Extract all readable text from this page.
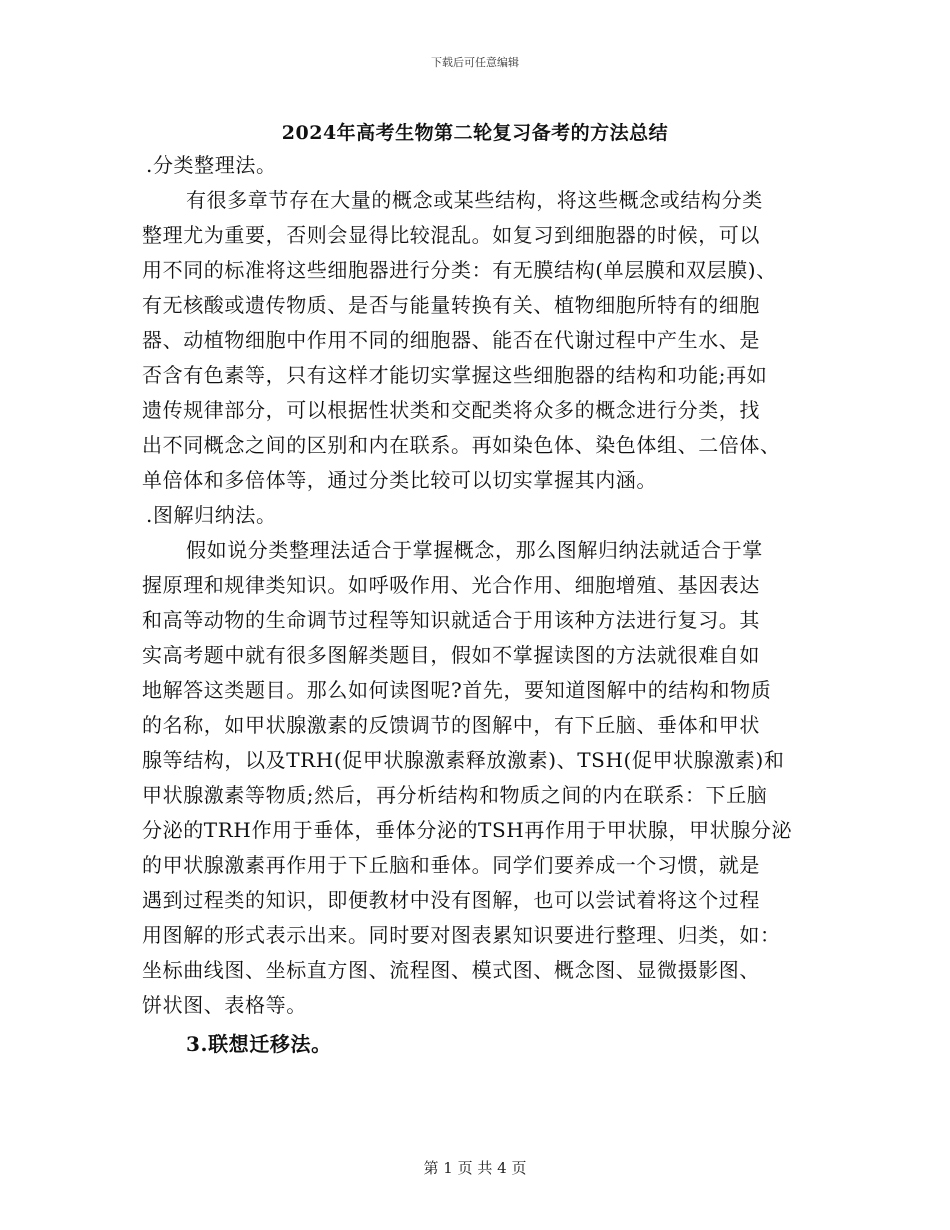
下载后可任意编辑
2024年高考生物第二轮复习备考的方法总结
.分类整理法。
有很多章节存在大量的概念或某些结构，将这些概念或结构分类
整理尤为重要，否则会显得比较混乱。如复习到细胞器的时候，可以
用不同的标准将这些细胞器进行分类：有无膜结构(单层膜和双层膜)、
有无核酸或遗传物质、是否与能量转换有关、植物细胞所特有的细胞
器、动植物细胞中作用不同的细胞器、能否在代谢过程中产生水、是
否含有色素等，只有这样才能切实掌握这些细胞器的结构和功能;再如
遗传规律部分，可以根据性状类和交配类将众多的概念进行分类，找
出不同概念之间的区别和内在联系。再如染色体、染色体组、二倍体、
单倍体和多倍体等，通过分类比较可以切实掌握其内涵。
.图解归纳法。
假如说分类整理法适合于掌握概念，那么图解归纳法就适合于掌
握原理和规律类知识。如呼吸作用、光合作用、细胞增殖、基因表达
和高等动物的生命调节过程等知识就适合于用该种方法进行复习。其
实高考题中就有很多图解类题目，假如不掌握读图的方法就很难自如
地解答这类题目。那么如何读图呢?首先，要知道图解中的结构和物质
的名称，如甲状腺激素的反馈调节的图解中，有下丘脑、垂体和甲状
腺等结构，以及TRH(促甲状腺激素释放激素)、TSH(促甲状腺激素)和
甲状腺激素等物质;然后，再分析结构和物质之间的内在联系：下丘脑
分泌的TRH作用于垂体，垂体分泌的TSH再作用于甲状腺，甲状腺分泌
的甲状腺激素再作用于下丘脑和垂体。同学们要养成一个习惯，就是
遇到过程类的知识，即便教材中没有图解，也可以尝试着将这个过程
用图解的形式表示出来。同时要对图表累知识要进行整理、归类，如：
坐标曲线图、坐标直方图、流程图、模式图、概念图、显微摄影图、
饼状图、表格等。
3.联想迁移法。
第 1 页 共 4 页
